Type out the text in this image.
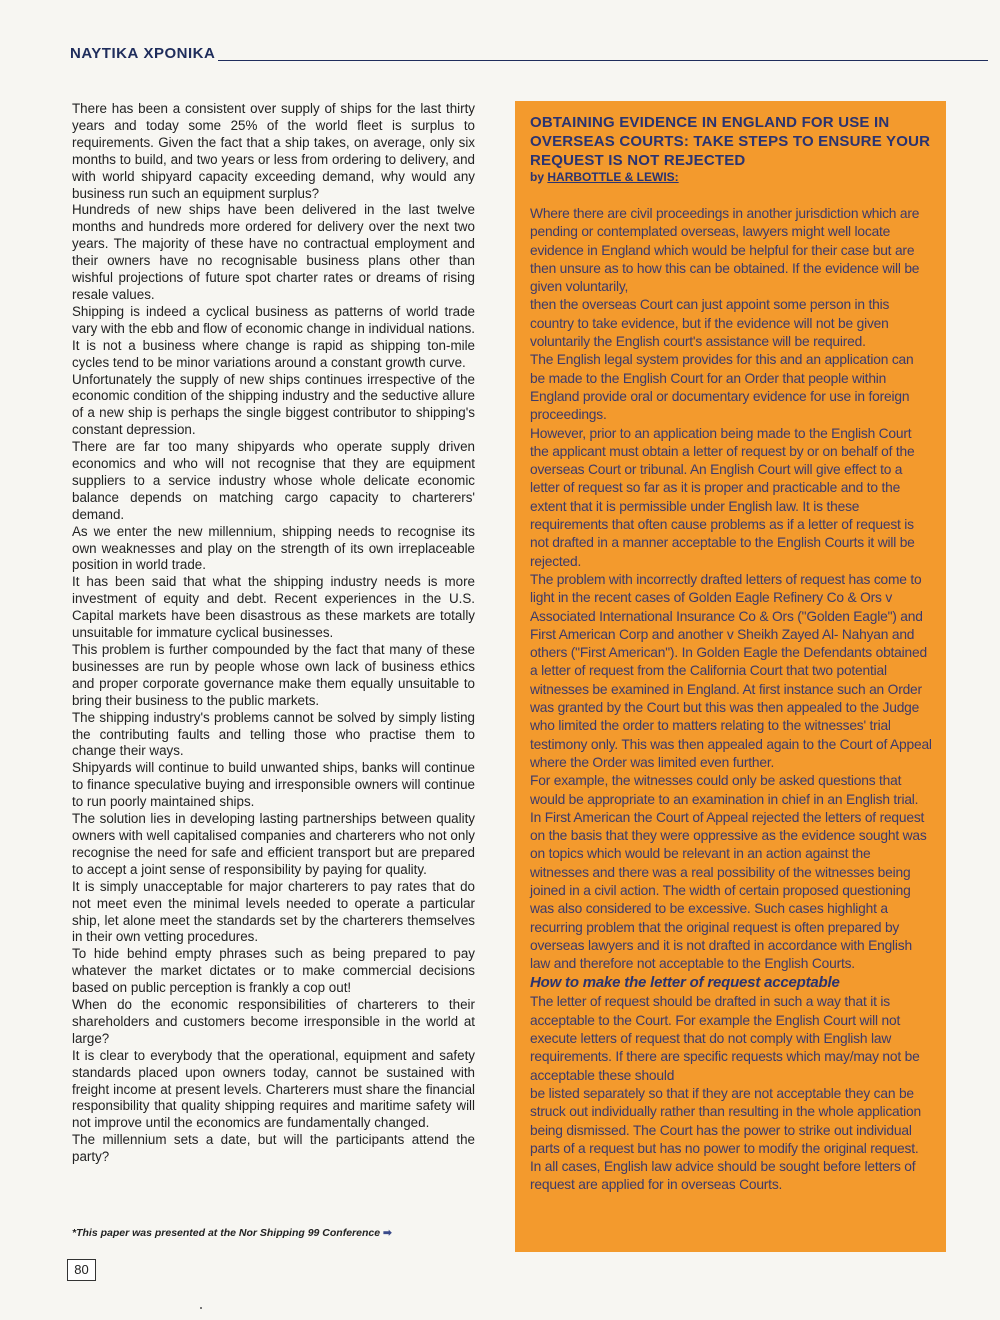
ΝΑΥΤΙΚΑ ΧΡΟΝΙΚΑ

There has been a consistent over supply of ships for the last thirty years and today some 25% of the world fleet is surplus to requirements. Given the fact that a ship takes, on average, only six months to build, and two years or less from ordering to delivery, and with world shipyard capacity exceeding demand, why would any business run such an equipment surplus?

Hundreds of new ships have been delivered in the last twelve months and hundreds more ordered for delivery over the next two years. The majority of these have no contractual employment and their owners have no recognisable business plans other than wishful projections of future spot charter rates or dreams of rising resale values.

Shipping is indeed a cyclical business as patterns of world trade vary with the ebb and flow of economic change in individual nations. It is not a business where change is rapid as shipping ton-mile cycles tend to be minor variations around a constant growth curve.

Unfortunately the supply of new ships continues irrespective of the economic condition of the shipping industry and the seductive allure of a new ship is perhaps the single biggest contributor to shipping's constant depression.

There are far too many shipyards who operate supply driven economics and who will not recognise that they are equipment suppliers to a service industry whose whole delicate economic balance depends on matching cargo capacity to charterers' demand.

As we enter the new millennium, shipping needs to recognise its own weaknesses and play on the strength of its own irreplaceable position in world trade.

It has been said that what the shipping industry needs is more investment of equity and debt. Recent experiences in the U.S. Capital markets have been disastrous as these markets are totally unsuitable for immature cyclical businesses.

This problem is further compounded by the fact that many of these businesses are run by people whose own lack of business ethics and proper corporate governance make them equally unsuitable to bring their business to the public markets.

The shipping industry's problems cannot be solved by simply listing the contributing faults and telling those who practise them to change their ways.

Shipyards will continue to build unwanted ships, banks will continue to finance speculative buying and irresponsible owners will continue to run poorly maintained ships.

The solution lies in developing lasting partnerships between quality owners with well capitalised companies and charterers who not only recognise the need for safe and efficient transport but are prepared to accept a joint sense of responsibility by paying for quality.

It is simply unacceptable for major charterers to pay rates that do not meet even the minimal levels needed to operate a particular ship, let alone meet the standards set by the charterers themselves in their own vetting procedures.

To hide behind empty phrases such as being prepared to pay whatever the market dictates or to make commercial decisions based on public perception is frankly a cop out!

When do the economic responsibilities of charterers to their shareholders and customers become irresponsible in the world at large?

It is clear to everybody that the operational, equipment and safety standards placed upon owners today, cannot be sustained with freight income at present levels. Charterers must share the financial responsibility that quality shipping requires and maritime safety will not improve until the economics are fundamentally changed.

The millennium sets a date, but will the participants attend the party?

*This paper was presented at the Nor Shipping 99 Conference ➡
80
OBTAINING EVIDENCE IN ENGLAND FOR USE IN OVERSEAS COURTS: TAKE STEPS TO ENSURE YOUR REQUEST IS NOT REJECTED

by HARBOTTLE & LEWIS:

Where there are civil proceedings in another jurisdiction which are pending or contemplated overseas, lawyers might well locate evidence in England which would be helpful for their case but are then unsure as to how this can be obtained. If the evidence will be given voluntarily,

then the overseas Court can just appoint some person in this country to take evidence, but if the evidence will not be given voluntarily the English court's assistance will be required.

The English legal system provides for this and an application can be made to the English Court for an Order that people within England provide oral or documentary evidence for use in foreign proceedings.

However, prior to an application being made to the English Court the applicant must obtain a letter of request by or on behalf of the overseas Court or tribunal. An English Court will give effect to a letter of request so far as it is proper and practicable and to the extent that it is permissible under English law. It is these requirements that often cause problems as if a letter of request is not drafted in a manner acceptable to the English Courts it will be rejected.

The problem with incorrectly drafted letters of request has come to light in the recent cases of Golden Eagle Refinery Co & Ors v Associated International Insurance Co & Ors ("Golden Eagle") and First American Corp and another v Sheikh Zayed Al- Nahyan and others ("First American"). In Golden Eagle the Defendants obtained a letter of request from the California Court that two potential witnesses be examined in England. At first instance such an Order was granted by the Court but this was then appealed to the Judge who limited the order to matters relating to the witnesses' trial testimony only. This was then appealed again to the Court of Appeal where the Order was limited even further.

For example, the witnesses could only be asked questions that would be appropriate to an examination in chief in an English trial. In First American the Court of Appeal rejected the letters of request on the basis that they were oppressive as the evidence sought was on topics which would be relevant in an action against the witnesses and there was a real possibility of the witnesses being joined in a civil action. The width of certain proposed questioning was also considered to be excessive. Such cases highlight a recurring problem that the original request is often prepared by overseas lawyers and it is not drafted in accordance with English law and therefore not acceptable to the English Courts.

How to make the letter of request acceptable

The letter of request should be drafted in such a way that it is acceptable to the Court. For example the English Court will not execute letters of request that do not comply with English law requirements. If there are specific requests which may/may not be acceptable these should

be listed separately so that if they are not acceptable they can be struck out individually rather than resulting in the whole application being dismissed. The Court has the power to strike out individual parts of a request but has no power to modify the original request. In all cases, English law advice should be sought before letters of request are applied for in overseas Courts.
